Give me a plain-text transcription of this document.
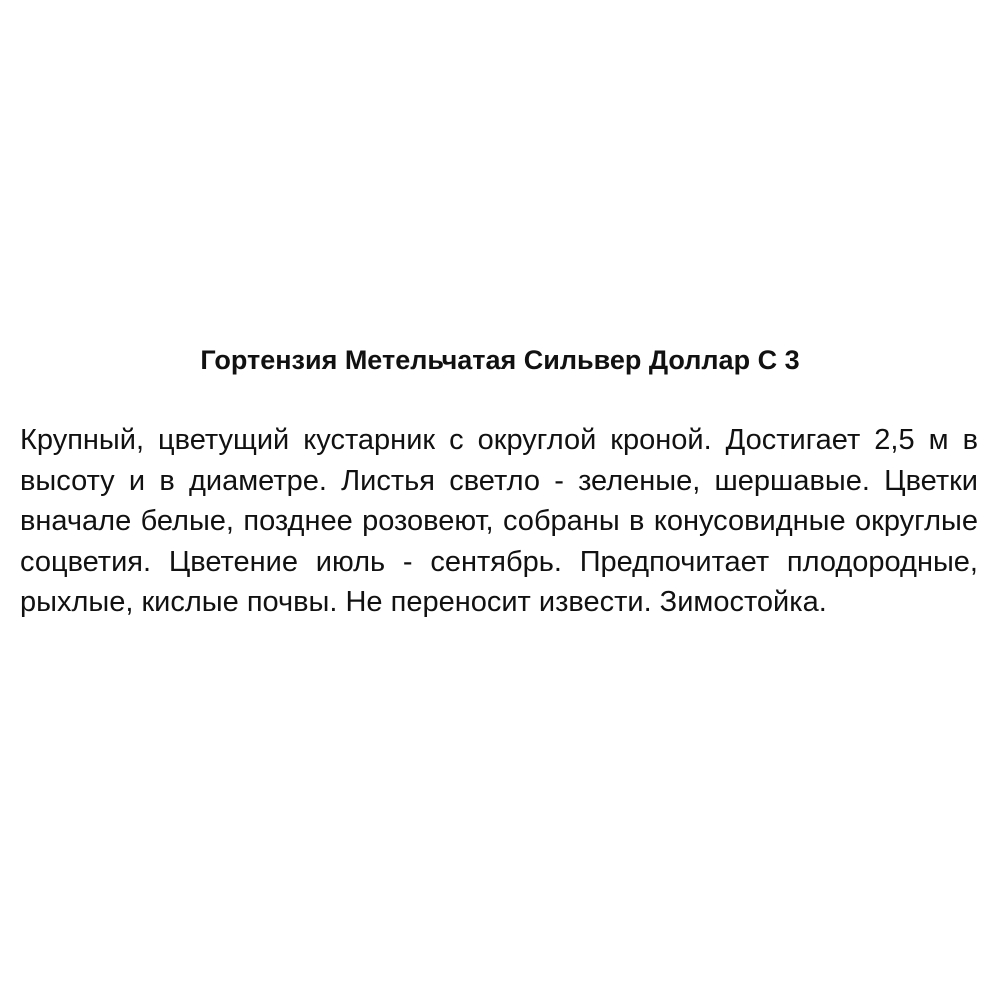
Гортензия Метельчатая Сильвер Доллар С 3

Крупный, цветущий кустарник с округлой кроной. Достигает 2,5 м в высоту и в диаметре. Листья светло - зеленые, шершавые. Цветки вначале белые, позднее розовеют, собраны в конусовидные округлые соцветия. Цветение июль - сентябрь. Предпочитает плодородные, рыхлые, кислые почвы. Не переносит извести. Зимостойка.
